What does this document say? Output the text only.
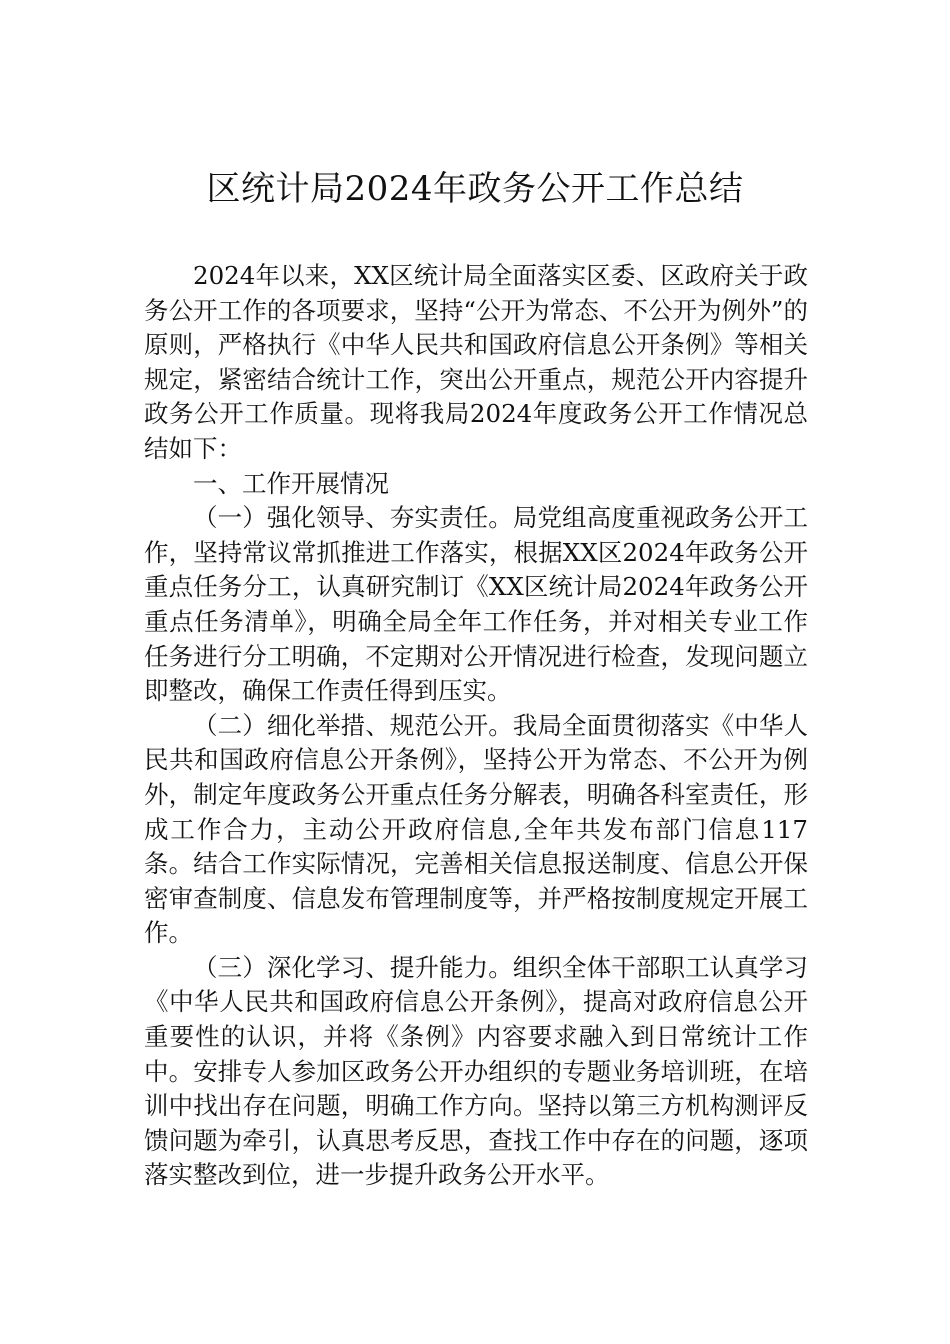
区统计局2024年政务公开工作总结

2024年以来，XX区统计局全面落实区委、区政府关于政务公开工作的各项要求，坚持“公开为常态、不公开为例外”的原则，严格执行《中华人民共和国政府信息公开条例》等相关规定，紧密结合统计工作，突出公开重点，规范公开内容提升政务公开工作质量。现将我局2024年度政务公开工作情况总结如下：

一、工作开展情况

（一）强化领导、夯实责任。局党组高度重视政务公开工作，坚持常议常抓推进工作落实，根据XX区2024年政务公开重点任务分工，认真研究制订《XX区统计局2024年政务公开重点任务清单》，明确全局全年工作任务，并对相关专业工作任务进行分工明确，不定期对公开情况进行检查，发现问题立即整改，确保工作责任得到压实。

（二）细化举措、规范公开。我局全面贯彻落实《中华人民共和国政府信息公开条例》，坚持公开为常态、不公开为例外，制定年度政务公开重点任务分解表，明确各科室责任，形成工作合力，主动公开政府信息,全年共发布部门信息117条。结合工作实际情况，完善相关信息报送制度、信息公开保密审查制度、信息发布管理制度等，并严格按制度规定开展工作。

（三）深化学习、提升能力。组织全体干部职工认真学习《中华人民共和国政府信息公开条例》，提高对政府信息公开重要性的认识，并将《条例》内容要求融入到日常统计工作中。安排专人参加区政务公开办组织的专题业务培训班，在培训中找出存在问题，明确工作方向。坚持以第三方机构测评反馈问题为牵引，认真思考反思，查找工作中存在的问题，逐项落实整改到位，进一步提升政务公开水平。
